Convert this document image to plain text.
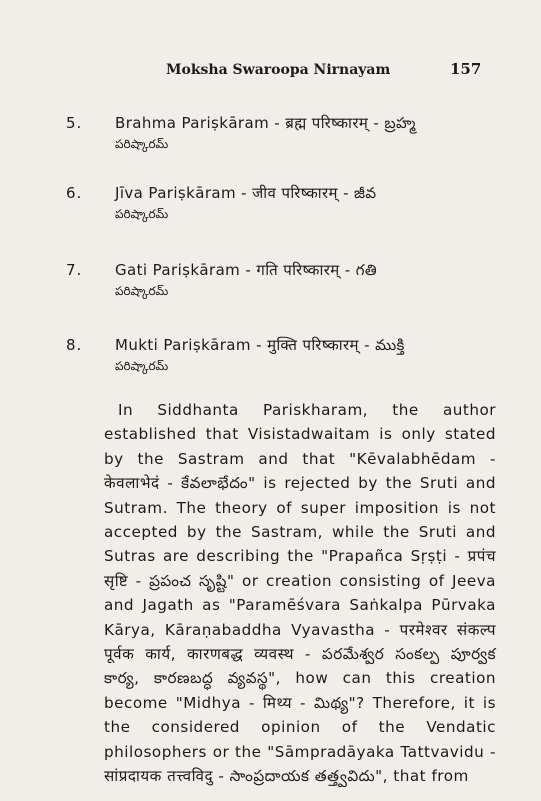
Moksha Swaroopa Nirnayam	157
5. Brahma Pariṣkāram - ब्रह्म परिष्कारम् - బ్రహ్మ
పరిష్కారమ్
6. Jīva Pariṣkāram - जीव परिष्कारम् - జీవ
పరిష్కారమ్
7. Gati Pariṣkāram - गति परिष्कारम् - గతి
పరిష్కారమ్
8. Mukti Pariṣkāram - मुक्ति परिष्कारम् - ముక్తి
పరిష్కారమ్

In Siddhanta Pariskharam, the author established that Visistadwaitam is only stated by the Sastram and that "Kēvalabhēdam - केवलाभेदं - కేవలాభేదం" is rejected by the Sruti and Sutram. The theory of super imposition is not accepted by the Sastram, while the Sruti and Sutras are describing the "Prapañca Sṛṣṭi - प्रपंच सृष्टि - ప్రపంచ సృష్టి" or creation consisting of Jeeva and Jagath as "Paramēśvara Saṅkalpa Pūrvaka Kārya, Kāraṇabaddha Vyavastha - परमेश्वर संकल्प पूर्वक कार्य, कारणबद्ध व्यवस्थ - పరమేశ్వర సంకల్ప పూర్వక కార్య, కారణబద్ధ వ్యవస్థ", how can this creation become "Midhya - मिथ्य - మిథ్య"? Therefore, it is the considered opinion of the Vendatic philosophers or the "Sāmpradāyaka Tattvavidu - सांप्रदायक तत्त्वविदु - సాంప్రదాయక తత్త్వవిదు", that from
